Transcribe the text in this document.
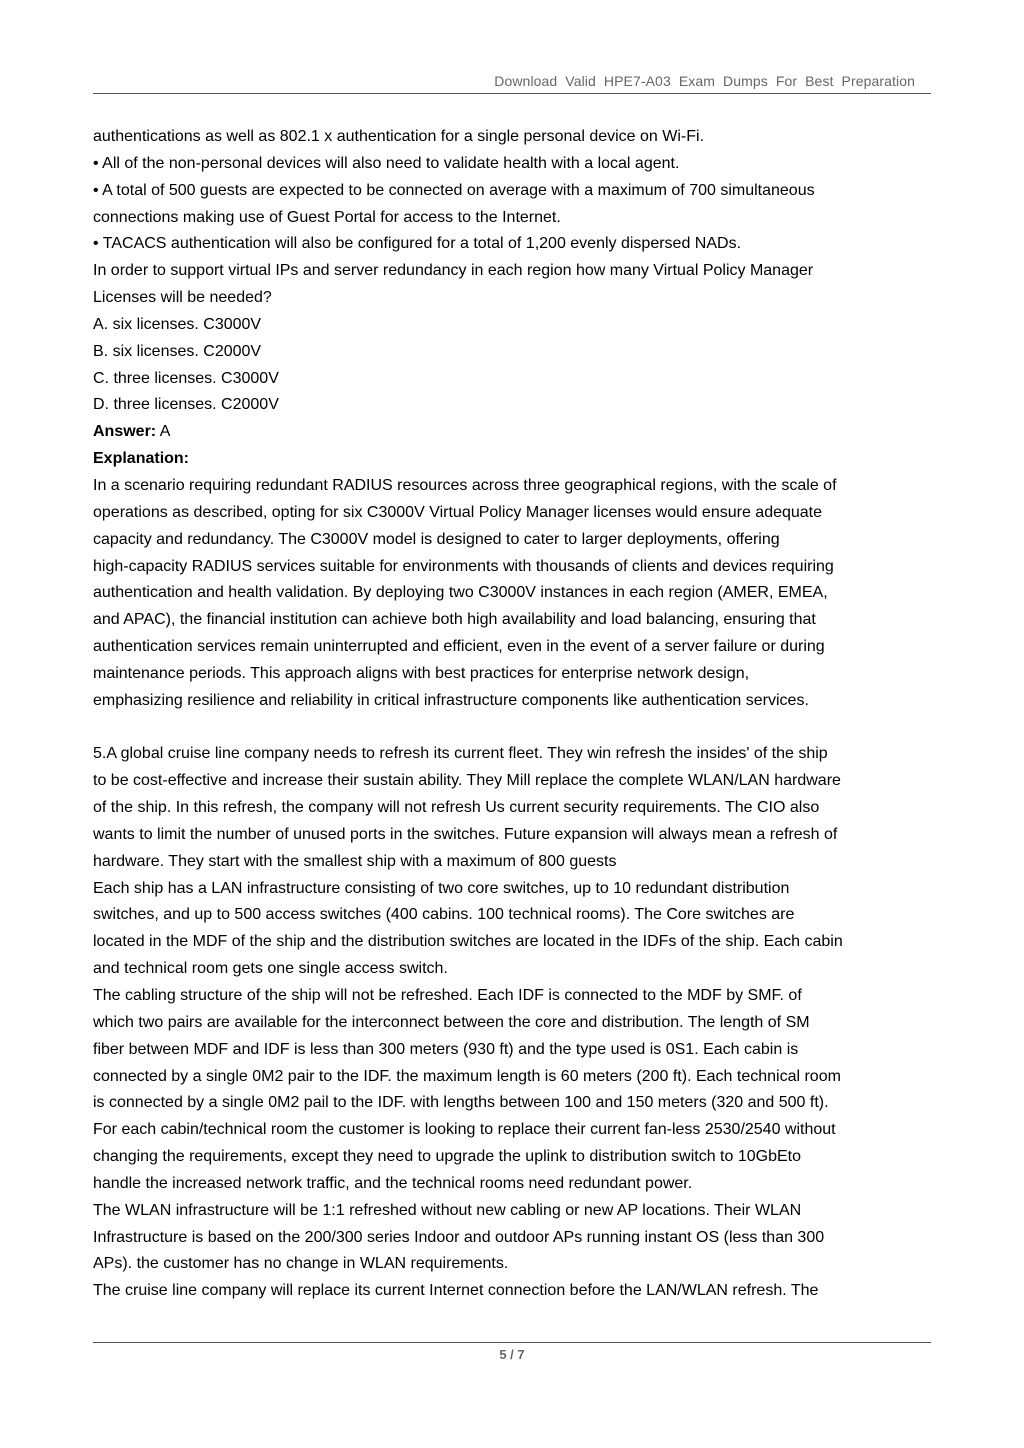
Download Valid HPE7-A03 Exam Dumps For Best Preparation

authentications as well as 802.1 x authentication for a single personal device on Wi-Fi.

• All of the non-personal devices will also need to validate health with a local agent.

• A total of 500 guests are expected to be connected on average with a maximum of 700 simultaneous

connections making use of Guest Portal for access to the Internet.

• TACACS authentication will also be configured for a total of 1,200 evenly dispersed NADs.

In order to support virtual IPs and server redundancy in each region how many Virtual Policy Manager

Licenses will be needed?

A. six licenses. C3000V

B. six licenses. C2000V

C. three licenses. C3000V

D. three licenses. C2000V

Answer: A

Explanation:

In a scenario requiring redundant RADIUS resources across three geographical regions, with the scale of

operations as described, opting for six C3000V Virtual Policy Manager licenses would ensure adequate

capacity and redundancy. The C3000V model is designed to cater to larger deployments, offering

high-capacity RADIUS services suitable for environments with thousands of clients and devices requiring

authentication and health validation. By deploying two C3000V instances in each region (AMER, EMEA,

and APAC), the financial institution can achieve both high availability and load balancing, ensuring that

authentication services remain uninterrupted and efficient, even in the event of a server failure or during

maintenance periods. This approach aligns with best practices for enterprise network design,

emphasizing resilience and reliability in critical infrastructure components like authentication services.

5.A global cruise line company needs to refresh its current fleet. They win refresh the insides' of the ship

to be cost-effective and increase their sustain ability. They Mill replace the complete WLAN/LAN hardware

of the ship. In this refresh, the company will not refresh Us current security requirements. The CIO also

wants to limit the number of unused ports in the switches. Future expansion will always mean a refresh of

hardware. They start with the smallest ship with a maximum of 800 guests

Each ship has a LAN infrastructure consisting of two core switches, up to 10 redundant distribution

switches, and up to 500 access switches (400 cabins. 100 technical rooms). The Core switches are

located in the MDF of the ship and the distribution switches are located in the IDFs of the ship. Each cabin

and technical room gets one single access switch.

The cabling structure of the ship will not be refreshed. Each IDF is connected to the MDF by SMF. of

which two pairs are available for the interconnect between the core and distribution. The length of SM

fiber between MDF and IDF is less than 300 meters (930 ft) and the type used is 0S1. Each cabin is

connected by a single 0M2 pair to the IDF. the maximum length is 60 meters (200 ft). Each technical room

is connected by a single 0M2 pail to the IDF. with lengths between 100 and 150 meters (320 and 500 ft).

For each cabin/technical room the customer is looking to replace their current fan-less 2530/2540 without

changing the requirements, except they need to upgrade the uplink to distribution switch to 10GbEto

handle the increased network traffic, and the technical rooms need redundant power.

The WLAN infrastructure will be 1:1 refreshed without new cabling or new AP locations. Their WLAN

Infrastructure is based on the 200/300 series Indoor and outdoor APs running instant OS (less than 300

APs). the customer has no change in WLAN requirements.

The cruise line company will replace its current Internet connection before the LAN/WLAN refresh. The

5 / 7
